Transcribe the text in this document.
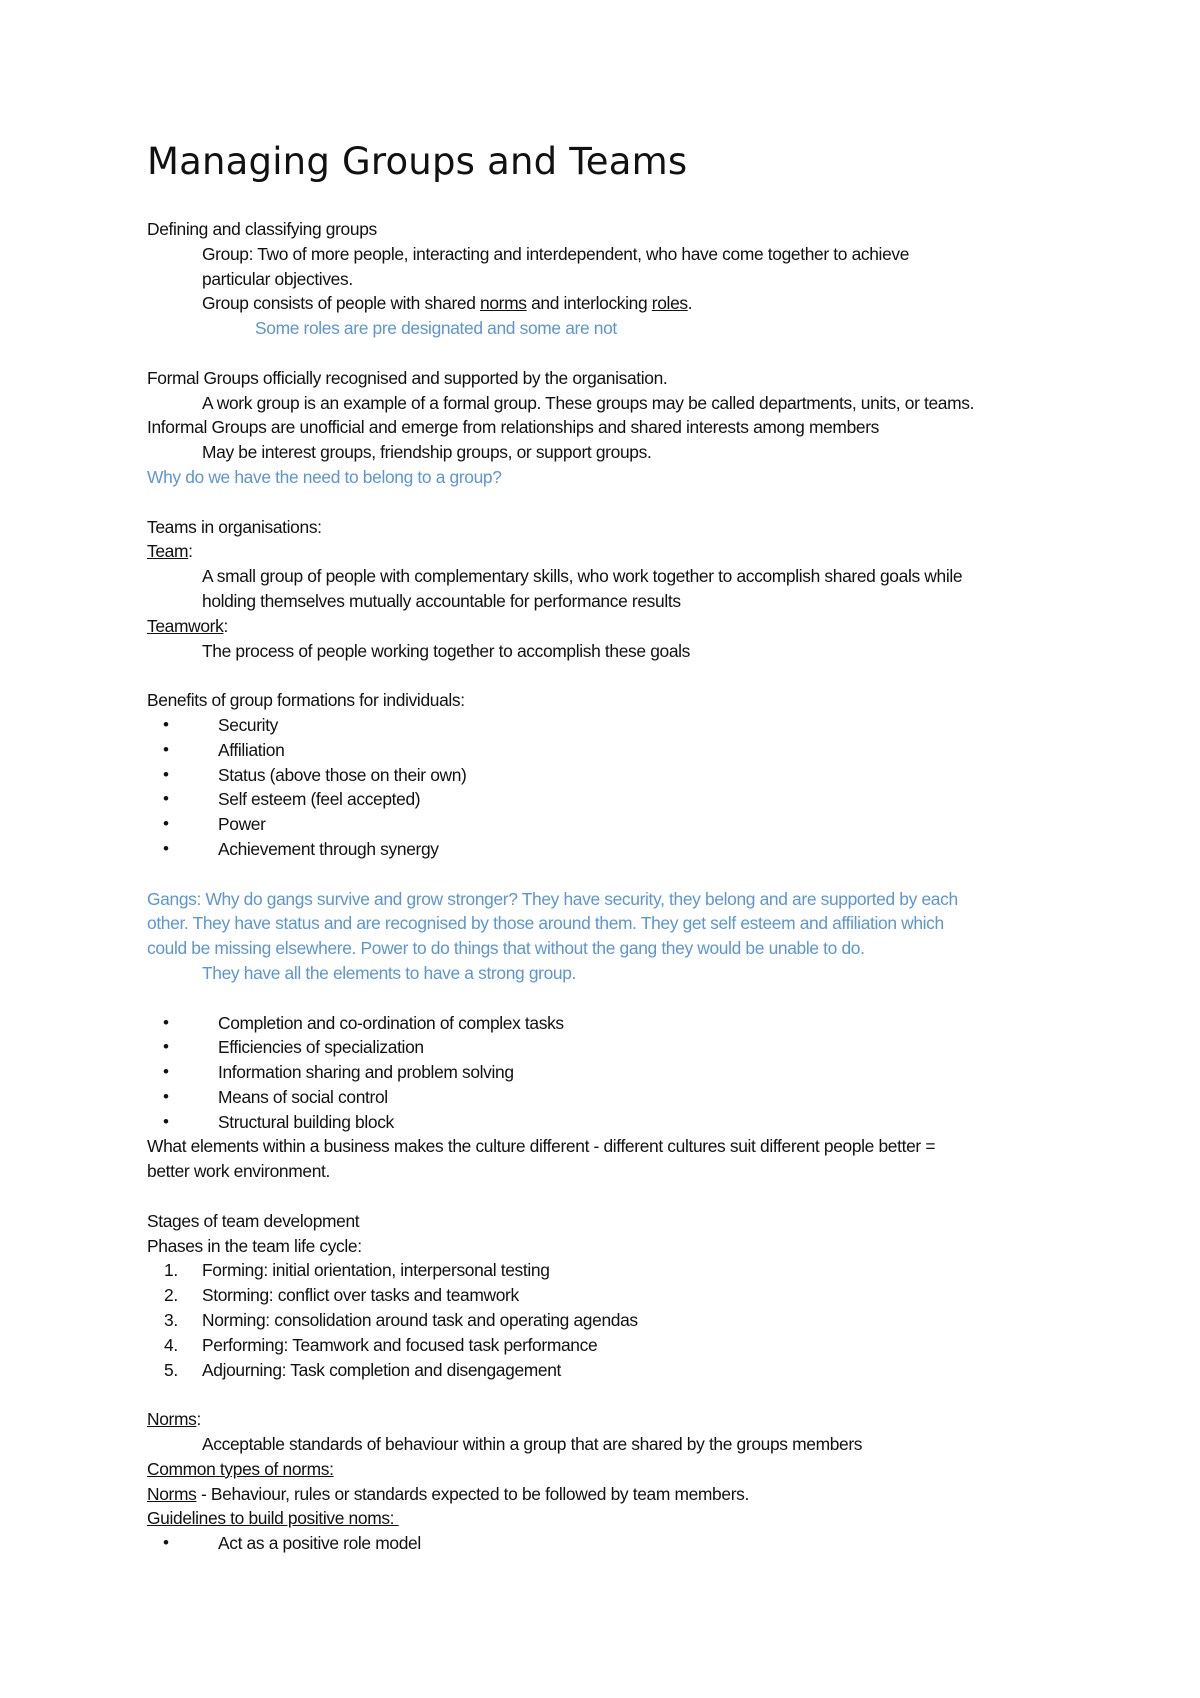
Managing Groups and Teams
Defining and classifying groups
Group: Two of more people, interacting and interdependent, who have come together to achieve
particular objectives.
Group consists of people with shared norms and interlocking roles.
Some roles are pre designated and some are not
Formal Groups officially recognised and supported by the organisation.
A work group is an example of a formal group. These groups may be called departments, units, or teams.
Informal Groups are unofficial and emerge from relationships and shared interests among members
May be interest groups, friendship groups, or support groups.
Why do we have the need to belong to a group?
Teams in organisations:
Team:
A small group of people with complementary skills, who work together to accomplish shared goals while
holding themselves mutually accountable for performance results
Teamwork:
The process of people working together to accomplish these goals
Benefits of group formations for individuals:
•	Security
•	Affiliation
•	Status (above those on their own)
•	Self esteem (feel accepted)
•	Power
•	Achievement through synergy
Gangs: Why do gangs survive and grow stronger? They have security, they belong and are supported by each
other. They have status and are recognised by those around them. They get self esteem and affiliation which
could be missing elsewhere. Power to do things that without the gang they would be unable to do.
They have all the elements to have a strong group.
•	Completion and co-ordination of complex tasks
•	Efficiencies of specialization
•	Information sharing and problem solving
•	Means of social control
•	Structural building block
What elements within a business makes the culture different - different cultures suit different people better =
better work environment.
Stages of team development
Phases in the team life cycle:
1. Forming: initial orientation, interpersonal testing
2. Storming: conflict over tasks and teamwork
3. Norming: consolidation around task and operating agendas
4. Performing: Teamwork and focused task performance
5. Adjourning: Task completion and disengagement
Norms:
Acceptable standards of behaviour within a group that are shared by the groups members
Common types of norms:
Norms - Behaviour, rules or standards expected to be followed by team members.
Guidelines to build positive noms:
•	Act as a positive role model
